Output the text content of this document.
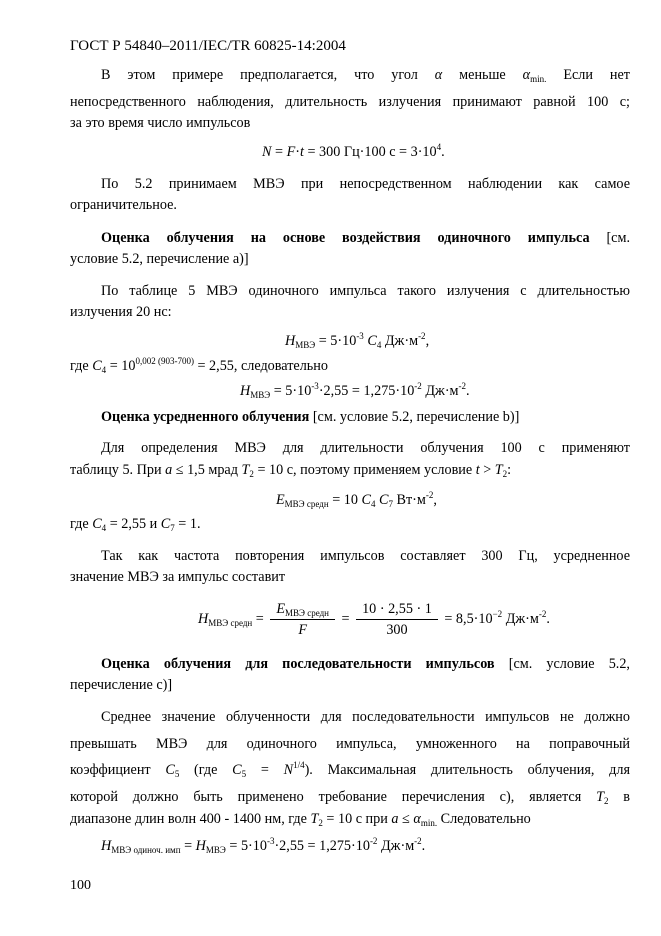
ГОСТ Р 54840–2011/IEC/TR 60825-14:2004
В этом примере предполагается, что угол α меньше $\alpha_{min.}$ Если нет
непосредственного наблюдения, длительность излучения принимают равной 100 с;
за это время число импульсов
N = F·t = 300 Гц·100 $с = 3\cdot 10^4$.
По 5.2 принимаем МВЭ при непосредственном наблюдении как самое
ограничительное.
Оценка облучения на основе воздействия одиночного импульса [см.
условие 5.2, перечисление а)]
По таблице 5 МВЭ одиночного импульса такого излучения с длительностью
излучения 20 нс:
$H_{МВЭ} = 5\cdot 10^{-3}$ $C_4$ $Дж\cdot м^{-2}$,
где $C_4 = 10^{0,002 (903-700)} = 2,55$, следовательно
$H_{МВЭ} = 5\cdot 10^{-3}\cdot 2,55 = 1,275\cdot 10^{-2}$ $Дж\cdot м^{-2}$.
Оценка усредненного облучения [см. условие 5.2, перечисление b)]
Для определения МВЭ для длительности облучения 100 с применяют
таблицу 5. При a ≤ 1,5 мрад $T_2 = 10$ с, поэтому применяем условие $t > T_2$:
$E_{МВЭ средн} = 10$ $C_4$ $C_7$ $Вт\cdot м^{-2}$,
где $C_4 = 2,55$ и $C_7 = 1$.
Так как частота повторения импульсов составляет 300 Гц, усредненное
значение МВЭ за импульс составит
$H_{МВЭ средн} = \frac{E_{МВЭ средн}}{F} = \frac{10 \cdot 2,55 \cdot 1}{300} = 8,5\cdot 10^{-2}$ $Дж\cdot м^{-2}$.
Оценка облучения для последовательности импульсов [см. условие 5.2,
перечисление с)]
Среднее значение облученности для последовательности импульсов не должно
превышать МВЭ для одиночного импульса, умноженного на поправочный
коэффициент $C_5$ (где $C_5 = N^{1/4}$). Максимальная длительность облучения, для
которой должно быть применено требование перечисления с), является $T_2$ в
диапазоне длин волн 400 - 1400 нм, где $T_2 = 10$ с при $a \le \alpha_{min.}$ Следовательно
$H_{МВЭ одиноч. имп} = H_{МВЭ} = 5\cdot 10^{-3}\cdot 2,55 = 1,275\cdot 10^{-2}$ $Дж\cdot м^{-2}$.
100
